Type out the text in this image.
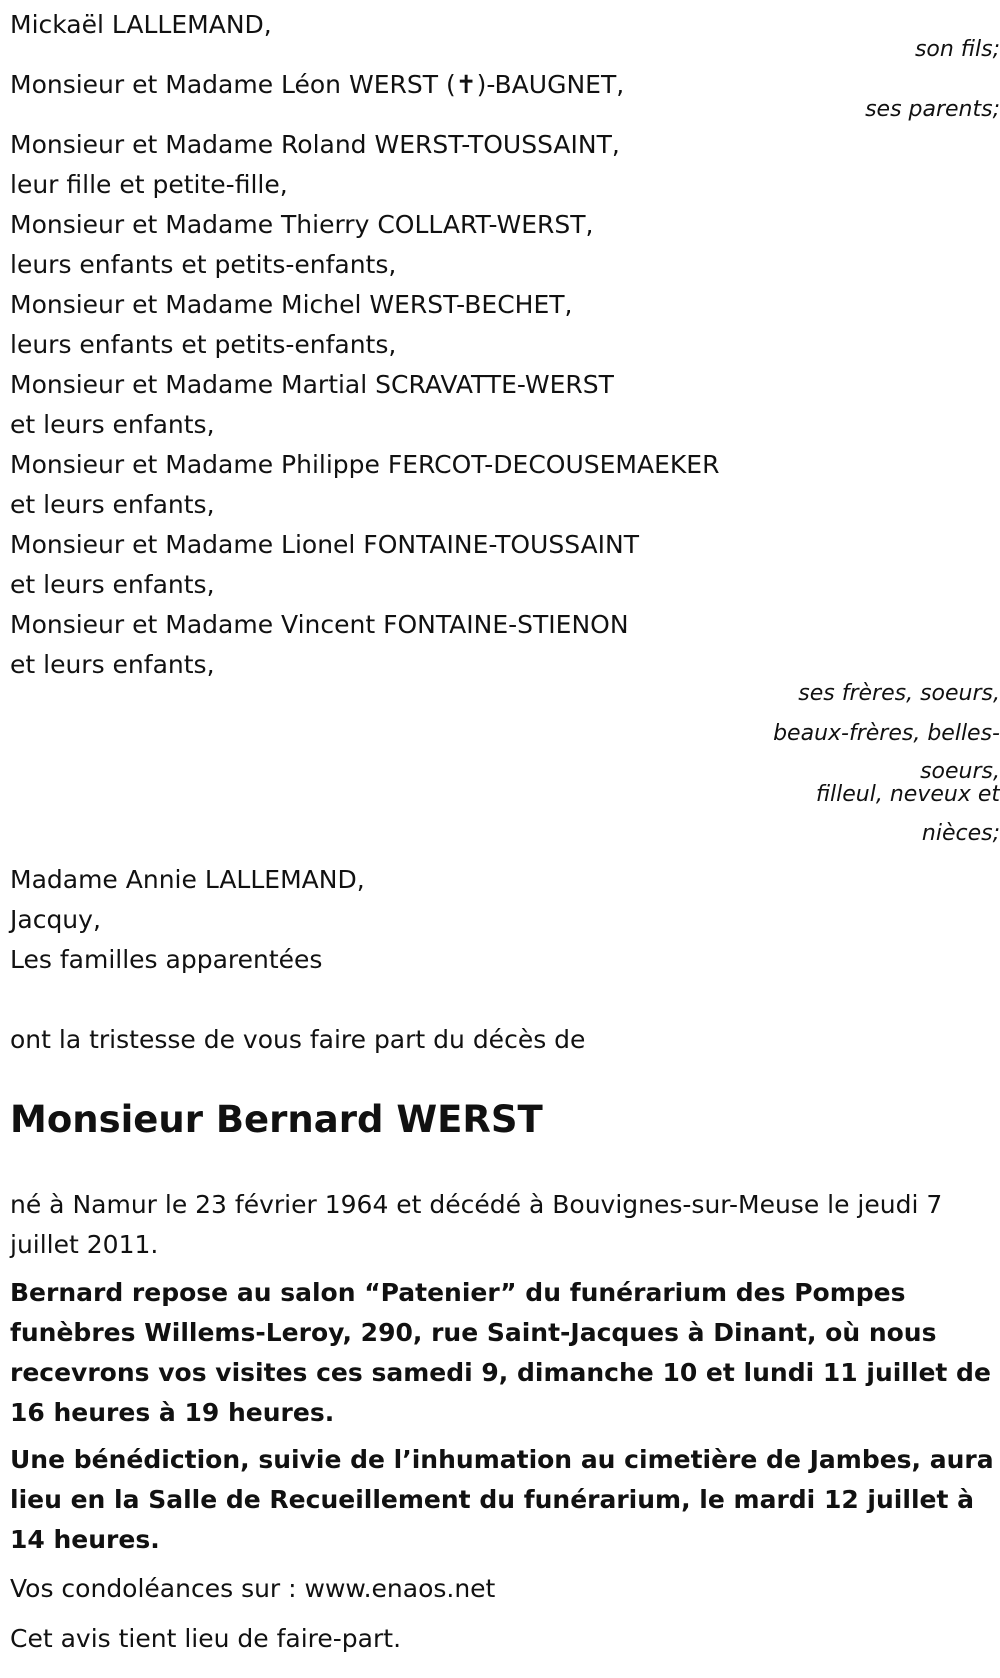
Mickaël LALLEMAND,
son fils;
Monsieur et Madame Léon WERST (✝)-BAUGNET,
ses parents;
Monsieur et Madame Roland WERST-TOUSSAINT,
leur fille et petite-fille,
Monsieur et Madame Thierry COLLART-WERST,
leurs enfants et petits-enfants,
Monsieur et Madame Michel WERST-BECHET,
leurs enfants et petits-enfants,
Monsieur et Madame Martial SCRAVATTE-WERST
et leurs enfants,
Monsieur et Madame Philippe FERCOT-DECOUSEMAEKER
et leurs enfants,
Monsieur et Madame Lionel FONTAINE-TOUSSAINT
et leurs enfants,
Monsieur et Madame Vincent FONTAINE-STIENON
et leurs enfants,
ses frères, soeurs,
beaux-frères, belles-
soeurs,
filleul, neveux et
nièces;
Madame Annie LALLEMAND,
Jacquy,
Les familles apparentées
ont la tristesse de vous faire part du décès de
Monsieur Bernard WERST
né à Namur le 23 février 1964 et décédé à Bouvignes-sur-Meuse le jeudi 7 juillet 2011.
Bernard repose au salon “Patenier” du funérarium des Pompes funèbres Willems-Leroy, 290, rue Saint-Jacques à Dinant, où nous recevrons vos visites ces samedi 9, dimanche 10 et lundi 11 juillet de 16 heures à 19 heures.
Une bénédiction, suivie de l’inhumation au cimetière de Jambes, aura lieu en la Salle de Recueillement du funérarium, le mardi 12 juillet à 14 heures.
Vos condoléances sur : www.enaos.net
Cet avis tient lieu de faire-part.
